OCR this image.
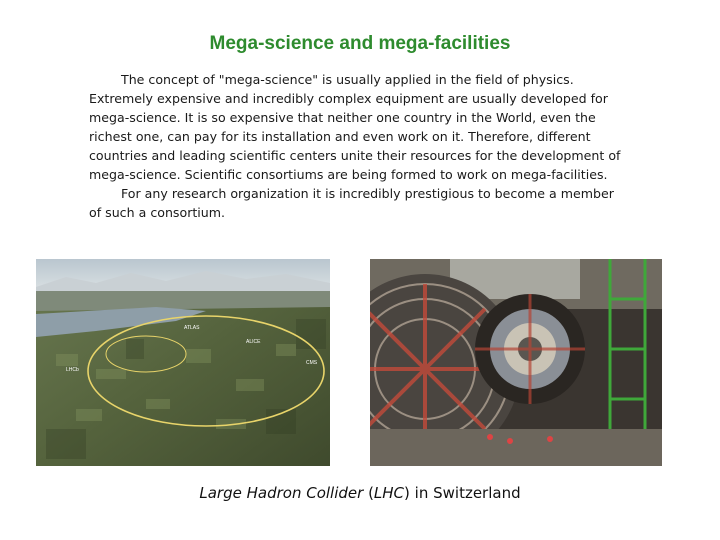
Mega-science and mega-facilities

The concept of "mega-science" is usually applied in the field of physics. Extremely expensive and incredibly complex equipment are usually developed for mega-science. It is so expensive that neither one country in the World, even the richest one, can pay for its installation and even work on it. Therefore, different countries and leading scientific centers unite their resources for the development of mega-science. Scientific consortiums are being formed to work on mega-facilities.

For any research organization it is incredibly prestigious to become a member of such a consortium.

ATLAS
CMS
LHCb
ALICE
Large Hadron Collider (LHC) in Switzerland
